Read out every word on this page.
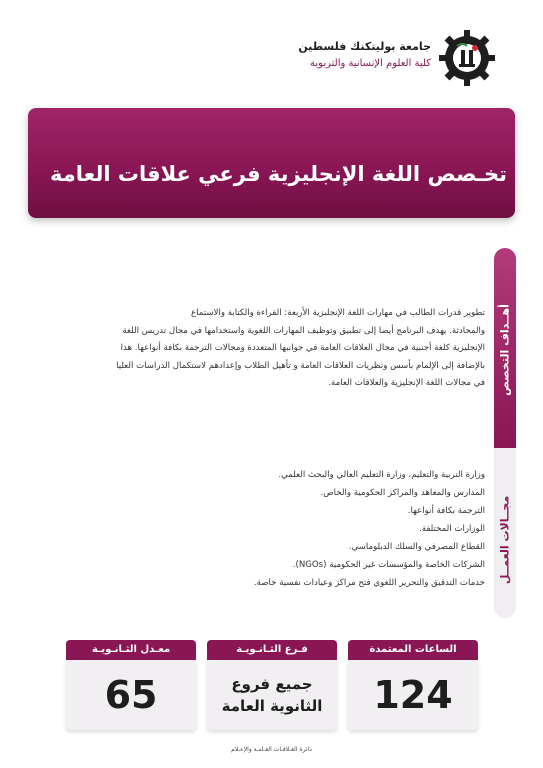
جامعة بوليتكنك فلسطين
كلية العلوم الإنسانية والتربوية
تخـصص اللغة الإنجليزية فرعي علاقات العامة
أهــداف التخصص
مجــالات العمــل

تطوير قدرات الطالب في مهارات اللغة الإنجليزية الأربعة: القراءة والكتابة والاستماع

والمحادثة. يهدف البرنامج أيضا إلى تطبيق وتوظيف المهارات اللغوية واستخدامها في مجال تدريس اللغة

الإنجليزية كلغة أجنبية في مجال العلاقات العامة في جوانبها المتعددة ومجالات الترجمة بكافة أنواعها. هذا

بالإضافة إلى الإلمام بأسس ونظريات العلاقات العامة و تأهيل الطلاب وإعدادهم لاستكمال الدراسات العليا

في مجالات اللغة الإنجليزية والعلاقات العامة.

وزارة التربية والتعليم، وزارة التعليم العالي والبحث العلمي.
المدارس والمعاهد والمراكز الحكومية والخاص.
الترجمة بكافة أنواعها.
الوزارات المختلفة.
القطاع المصرفي والسلك الدبلوماسي.
الشركات الخاصة والمؤسسات غير الحكومية (NGOs).
خدمات التدقيق والتحرير اللغوي فتح مراكز وعيادات نفسية خاصة.
الساعات المعتمدة
124
فـرع الثـانـويـة
جميع فروع
الثانوية العامة
معـدل الثـانـويـة
65
دائرة العـلاقـات العـامـة والإعـلام
